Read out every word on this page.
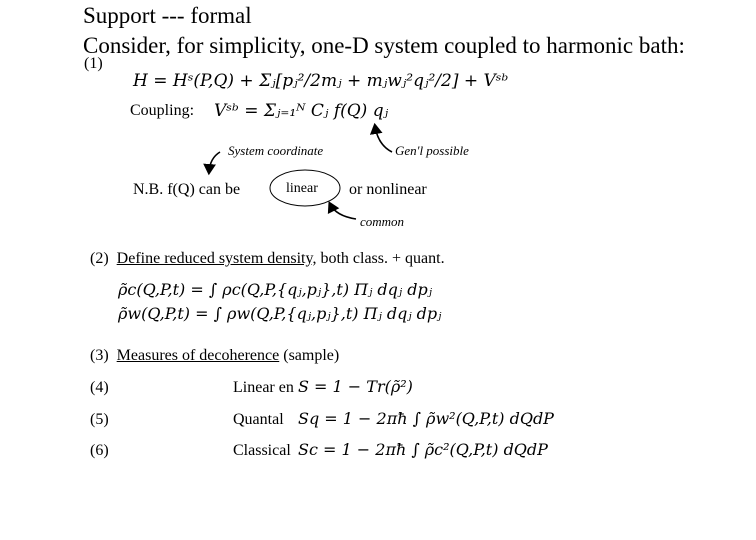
Support --- formal
Consider, for simplicity, one-D system coupled to harmonic bath:
(1)
H = Hˢ(P,Q) + Σⱼ[pⱼ²/2mⱼ + mⱼwⱼ²qⱼ²/2] + Vˢᵇ
Coupling: Vˢᵇ = Σⱼ₌₁ᴺ Cⱼ f(Q) qⱼ
System coordinate	Gen'l possible
N.B. f(Q) can be	linear or nonlinear
common
(2) Define reduced system density, both class. + quant.
ρ̃c(Q,P,t) = ∫ ρc(Q,P,{qⱼ,pⱼ},t) Πⱼ dqⱼ dpⱼ
ρ̃w(Q,P,t) = ∫ ρw(Q,P,{qⱼ,pⱼ},t) Πⱼ dqⱼ dpⱼ
(3) Measures of decoherence (sample)
(4)	Linear en S = 1 − Tr(ρ̃²)
(5)	Quantal Sq = 1 − 2πħ ∫ ρ̃w²(Q,P,t) dQdP
(6)	Classical Sc = 1 − 2πħ ∫ ρ̃c²(Q,P,t) dQdP
